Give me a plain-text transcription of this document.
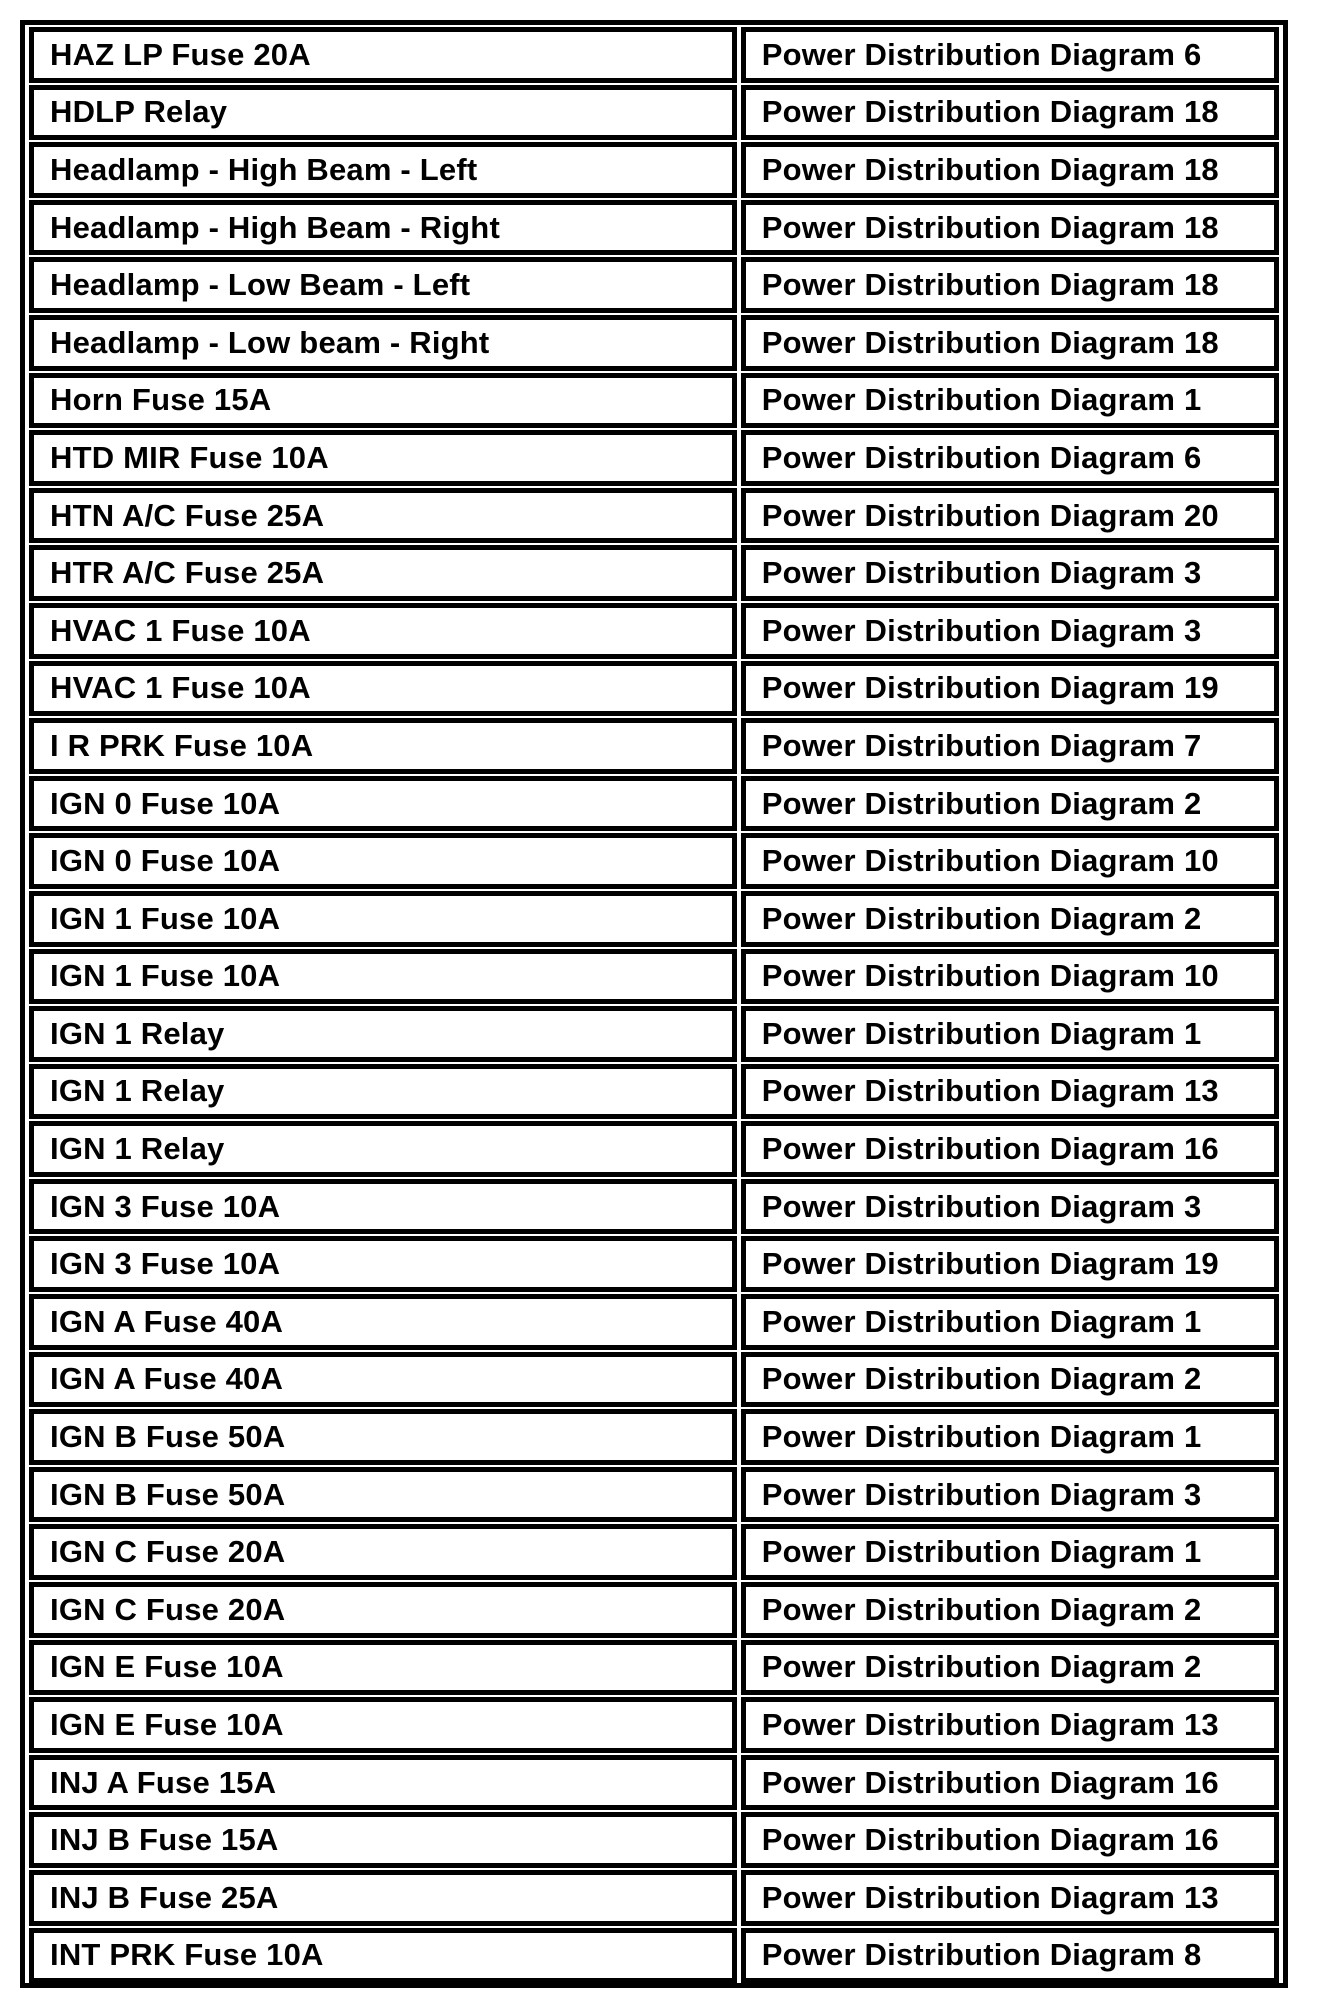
HAZ LP Fuse 20A	Power Distribution Diagram 6
HDLP Relay	Power Distribution Diagram 18
Headlamp - High Beam - Left	Power Distribution Diagram 18
Headlamp - High Beam - Right	Power Distribution Diagram 18
Headlamp - Low Beam - Left	Power Distribution Diagram 18
Headlamp - Low beam - Right	Power Distribution Diagram 18
Horn Fuse 15A	Power Distribution Diagram 1
HTD MIR Fuse 10A	Power Distribution Diagram 6
HTN A/C Fuse 25A	Power Distribution Diagram 20
HTR A/C Fuse 25A	Power Distribution Diagram 3
HVAC 1 Fuse 10A	Power Distribution Diagram 3
HVAC 1 Fuse 10A	Power Distribution Diagram 19
I R PRK Fuse 10A	Power Distribution Diagram 7
IGN 0 Fuse 10A	Power Distribution Diagram 2
IGN 0 Fuse 10A	Power Distribution Diagram 10
IGN 1 Fuse 10A	Power Distribution Diagram 2
IGN 1 Fuse 10A	Power Distribution Diagram 10
IGN 1 Relay	Power Distribution Diagram 1
IGN 1 Relay	Power Distribution Diagram 13
IGN 1 Relay	Power Distribution Diagram 16
IGN 3 Fuse 10A	Power Distribution Diagram 3
IGN 3 Fuse 10A	Power Distribution Diagram 19
IGN A Fuse 40A	Power Distribution Diagram 1
IGN A Fuse 40A	Power Distribution Diagram 2
IGN B Fuse 50A	Power Distribution Diagram 1
IGN B Fuse 50A	Power Distribution Diagram 3
IGN C Fuse 20A	Power Distribution Diagram 1
IGN C Fuse 20A	Power Distribution Diagram 2
IGN E Fuse 10A	Power Distribution Diagram 2
IGN E Fuse 10A	Power Distribution Diagram 13
INJ A Fuse 15A	Power Distribution Diagram 16
INJ B Fuse 15A	Power Distribution Diagram 16
INJ B Fuse 25A	Power Distribution Diagram 13
INT PRK Fuse 10A	Power Distribution Diagram 8
